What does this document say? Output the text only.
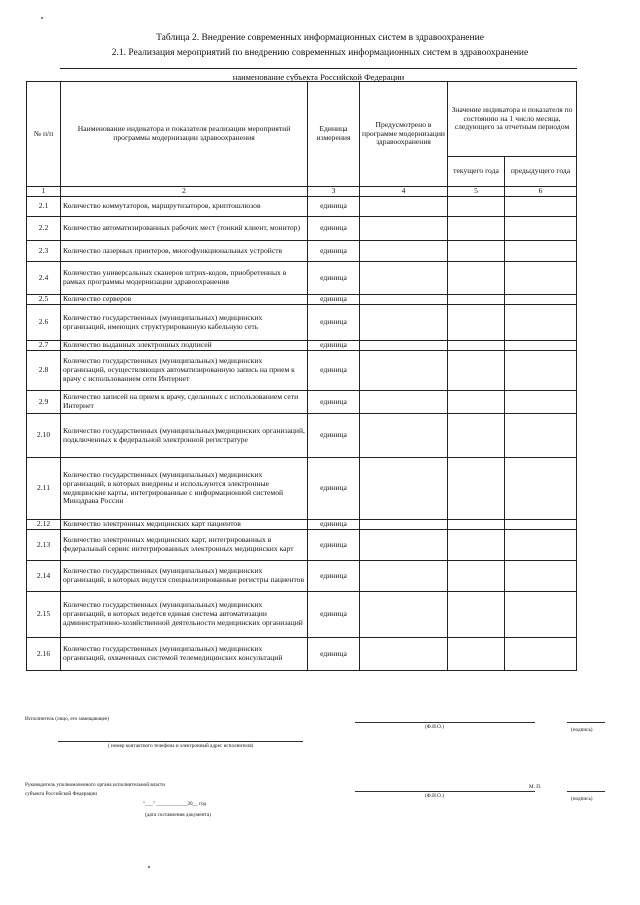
Таблица 2. Внедрение современных информационных систем в здравоохранение
2.1. Реализация мероприятий по внедрению современных информационных систем в здравоохранение
наименование субъекта Российской Федерации
№ п/п	Наименование индикатора и показателя реализации мероприятий программы модернизации здравоохранения	Единица измерения	Предусмотрено в программе модернизации здравоохранения	Значение индикатора и показателя по состоянию на 1 число месяца, следующего за отчетным периодом	
				текущего года	предыдущего года
1	2	3	4	5	6
2.1	Количество коммутаторов, маршрутизаторов, криптошлюзов	единица			
2.2	Количество автоматизированных рабочих мест (тонкий клиент, монитор)	единица			
2.3	Количество лазерных принтеров, многофункциональных устройств	единица			
2.4	Количество универсальных сканеров штрих-кодов, приобретенных в рамках программы модернизации здравоохранения	единица			
2.5	Количество серверов	единица			
2.6	Количество государственных (муниципальных) медицинских организаций, имеющих структурированную кабельную сеть	единица			
2.7	Количество выданных электронных подписей	единица			
2.8	Количество государственных (муниципальных) медицинских организаций, осуществляющих автоматизированную запись на прием к врачу с использованием сети Интернет	единица			
2.9	Количество записей на прием к врачу, сделанных с использованием сети Интернет	единица			
2.10	Количество государственных (муниципальных)медицинских организаций, подключенных к федеральной электронной регистратуре	единица			
2.11	Количество государственных (муниципальных) медицинских организаций, в которых внедрены и используются электронные медицинские карты, интегрированные с информационной системой Минздрава России	единица			
2.12	Количество электронных медицинских карт пациентов	единица			
2.13	Количество электронных медицинских карт, интегрированных в федеральный сервис интегрированных электронных медицинских карт	единица			
2.14	Количество государственных (муниципальных) медицинских организаций, в которых ведутся специализированные регистры пациентов	единица			
2.15	Количество государственных (муниципальных) медицинских организаций, в которых ведется единая система автоматизации административно-хозяйственной деятельности медицинских организаций	единица			
2.16	Количество государственных (муниципальных) медицинских организаций, охваченных системой телемедицинских консультаций	единица			
Исполнитель (лицо, его замещающее)
(Ф.И.О.)	(подпись)
( номер контактного телефона и электронный адрес исполнителя)
Руководитель уполномоченного органа исполнительной власти
субъекта Российской Федерации
М. П.
(Ф.И.О.)	(подпись)
"___" ____________20__ год
(дата составления документа)
